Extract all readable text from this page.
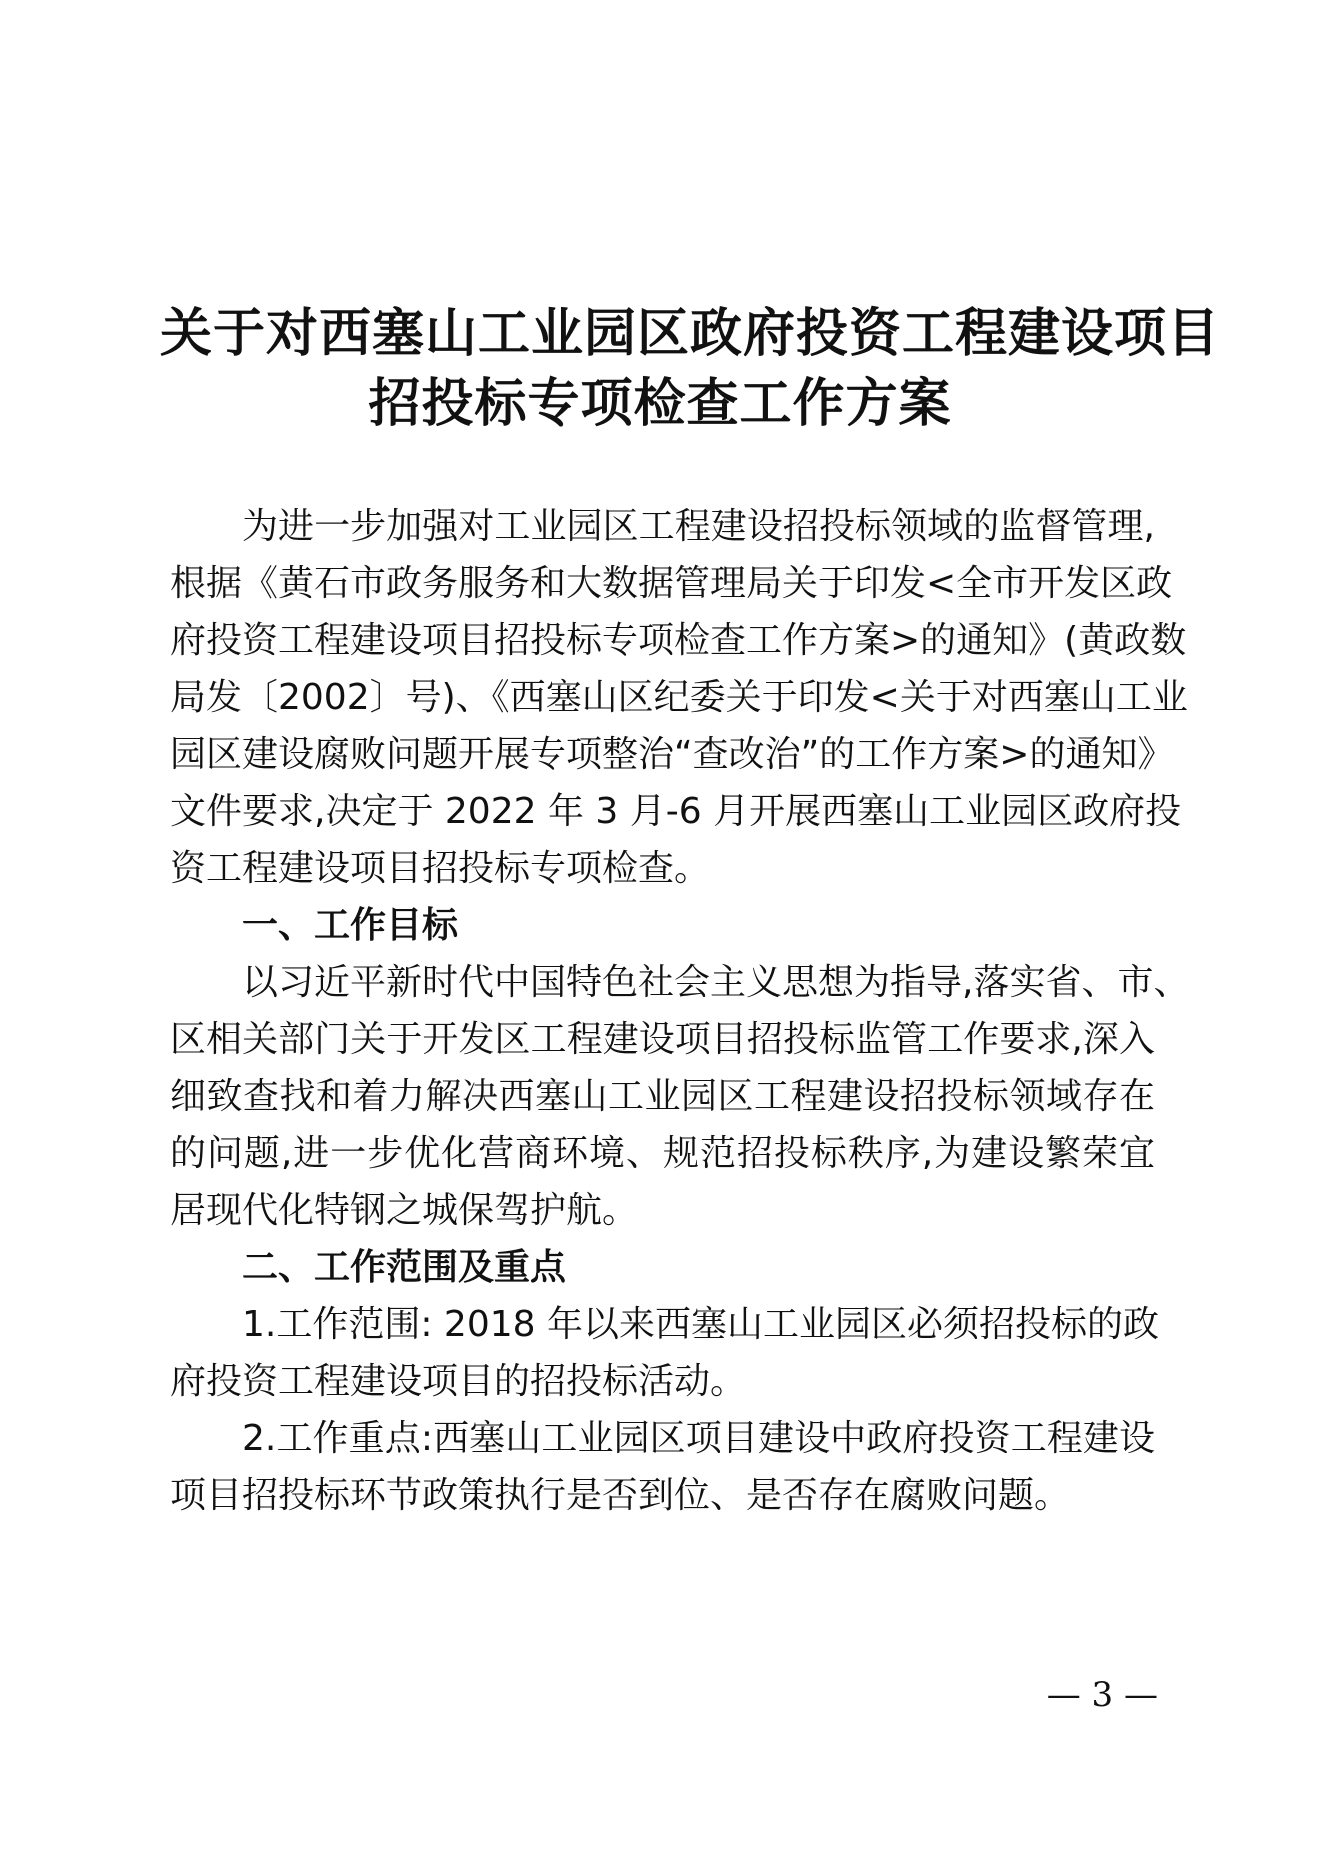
关于对西塞山工业园区政府投资工程建设项目
招投标专项检查工作方案
为进一步加强对工业园区工程建设招投标领域的监督管理,
根据《黄石市政务服务和大数据管理局关于印发<全市开发区政
府投资工程建设项目招投标专项检查工作方案>的通知》(黄政数
局发〔2002〕号)、《西塞山区纪委关于印发<关于对西塞山工业
园区建设腐败问题开展专项整治“查改治”的工作方案>的通知》
文件要求,决定于 2022 年 3 月-6 月开展西塞山工业园区政府投
资工程建设项目招投标专项检查。
一、工作目标
以习近平新时代中国特色社会主义思想为指导,落实省、市、
区相关部门关于开发区工程建设项目招投标监管工作要求,深入
细致查找和着力解决西塞山工业园区工程建设招投标领域存在
的问题,进一步优化营商环境、规范招投标秩序,为建设繁荣宜
居现代化特钢之城保驾护航。
二、工作范围及重点
1.工作范围: 2018 年以来西塞山工业园区必须招投标的政
府投资工程建设项目的招投标活动。
2.工作重点:西塞山工业园区项目建设中政府投资工程建设
项目招投标环节政策执行是否到位、是否存在腐败问题。
— 3 —
